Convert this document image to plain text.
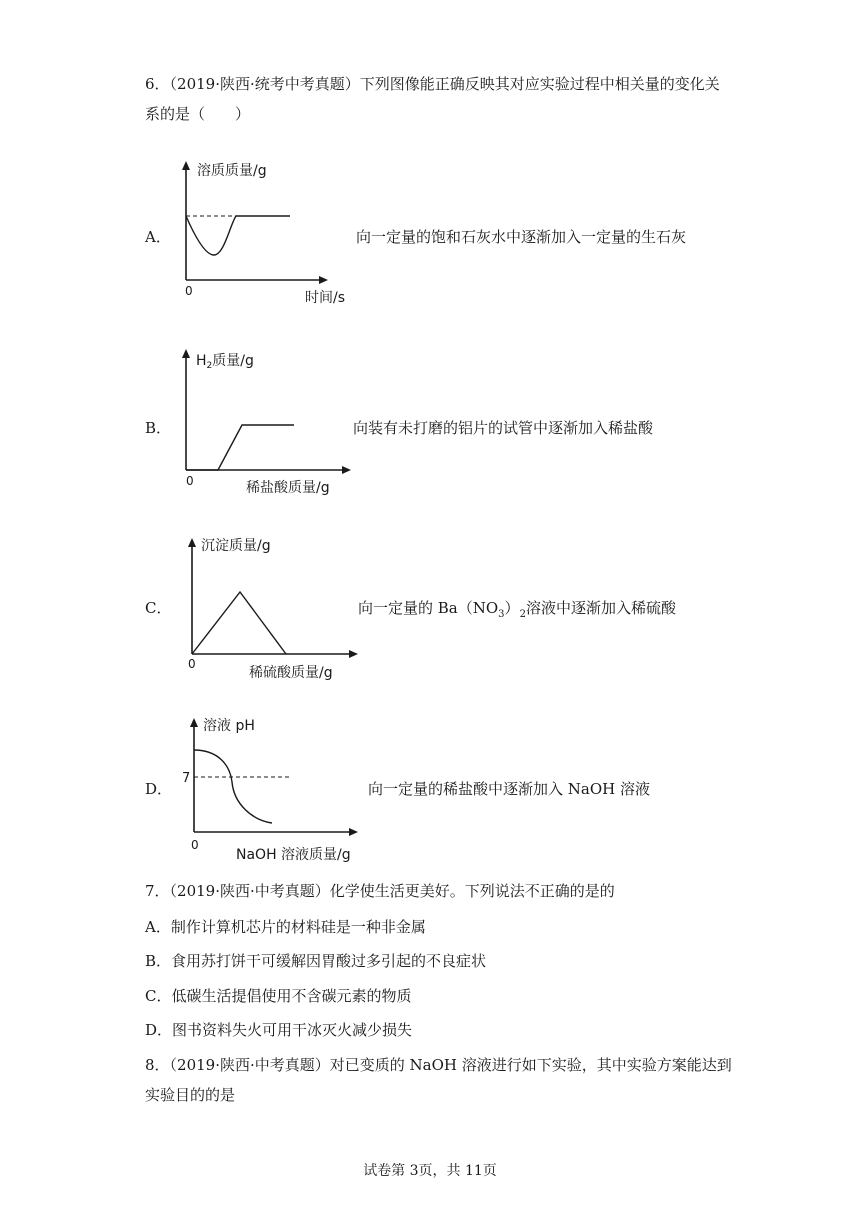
6．（2019·陕西·统考中考真题）下列图像能正确反映其对应实验过程中相关量的变化关
系的是（　　）
A．
溶质质量/g
时间/s
0
向一定量的饱和石灰水中逐渐加入一定量的生石灰
B．
$H_2$质量/g
稀盐酸质量/g
0
向装有未打磨的铝片的试管中逐渐加入稀盐酸
C．
沉淀质量/g
稀硫酸质量/g
0
向一定量的 $Ba(NO_3)_2$溶液中逐渐加入稀硫酸
D．
溶液 pH
NaOH 溶液质量/g
0
7
向一定量的稀盐酸中逐渐加入 NaOH 溶液
7．（2019·陕西·中考真题）化学使生活更美好。下列说法不正确的是的
A．制作计算机芯片的材料硅是一种非金属
B．食用苏打饼干可缓解因胃酸过多引起的不良症状
C．低碳生活提倡使用不含碳元素的物质
D．图书资料失火可用干冰灭火减少损失
8．（2019·陕西·中考真题）对已变质的 NaOH 溶液进行如下实验，其中实验方案能达到
实验目的的是
试卷第 3页，共 11页
